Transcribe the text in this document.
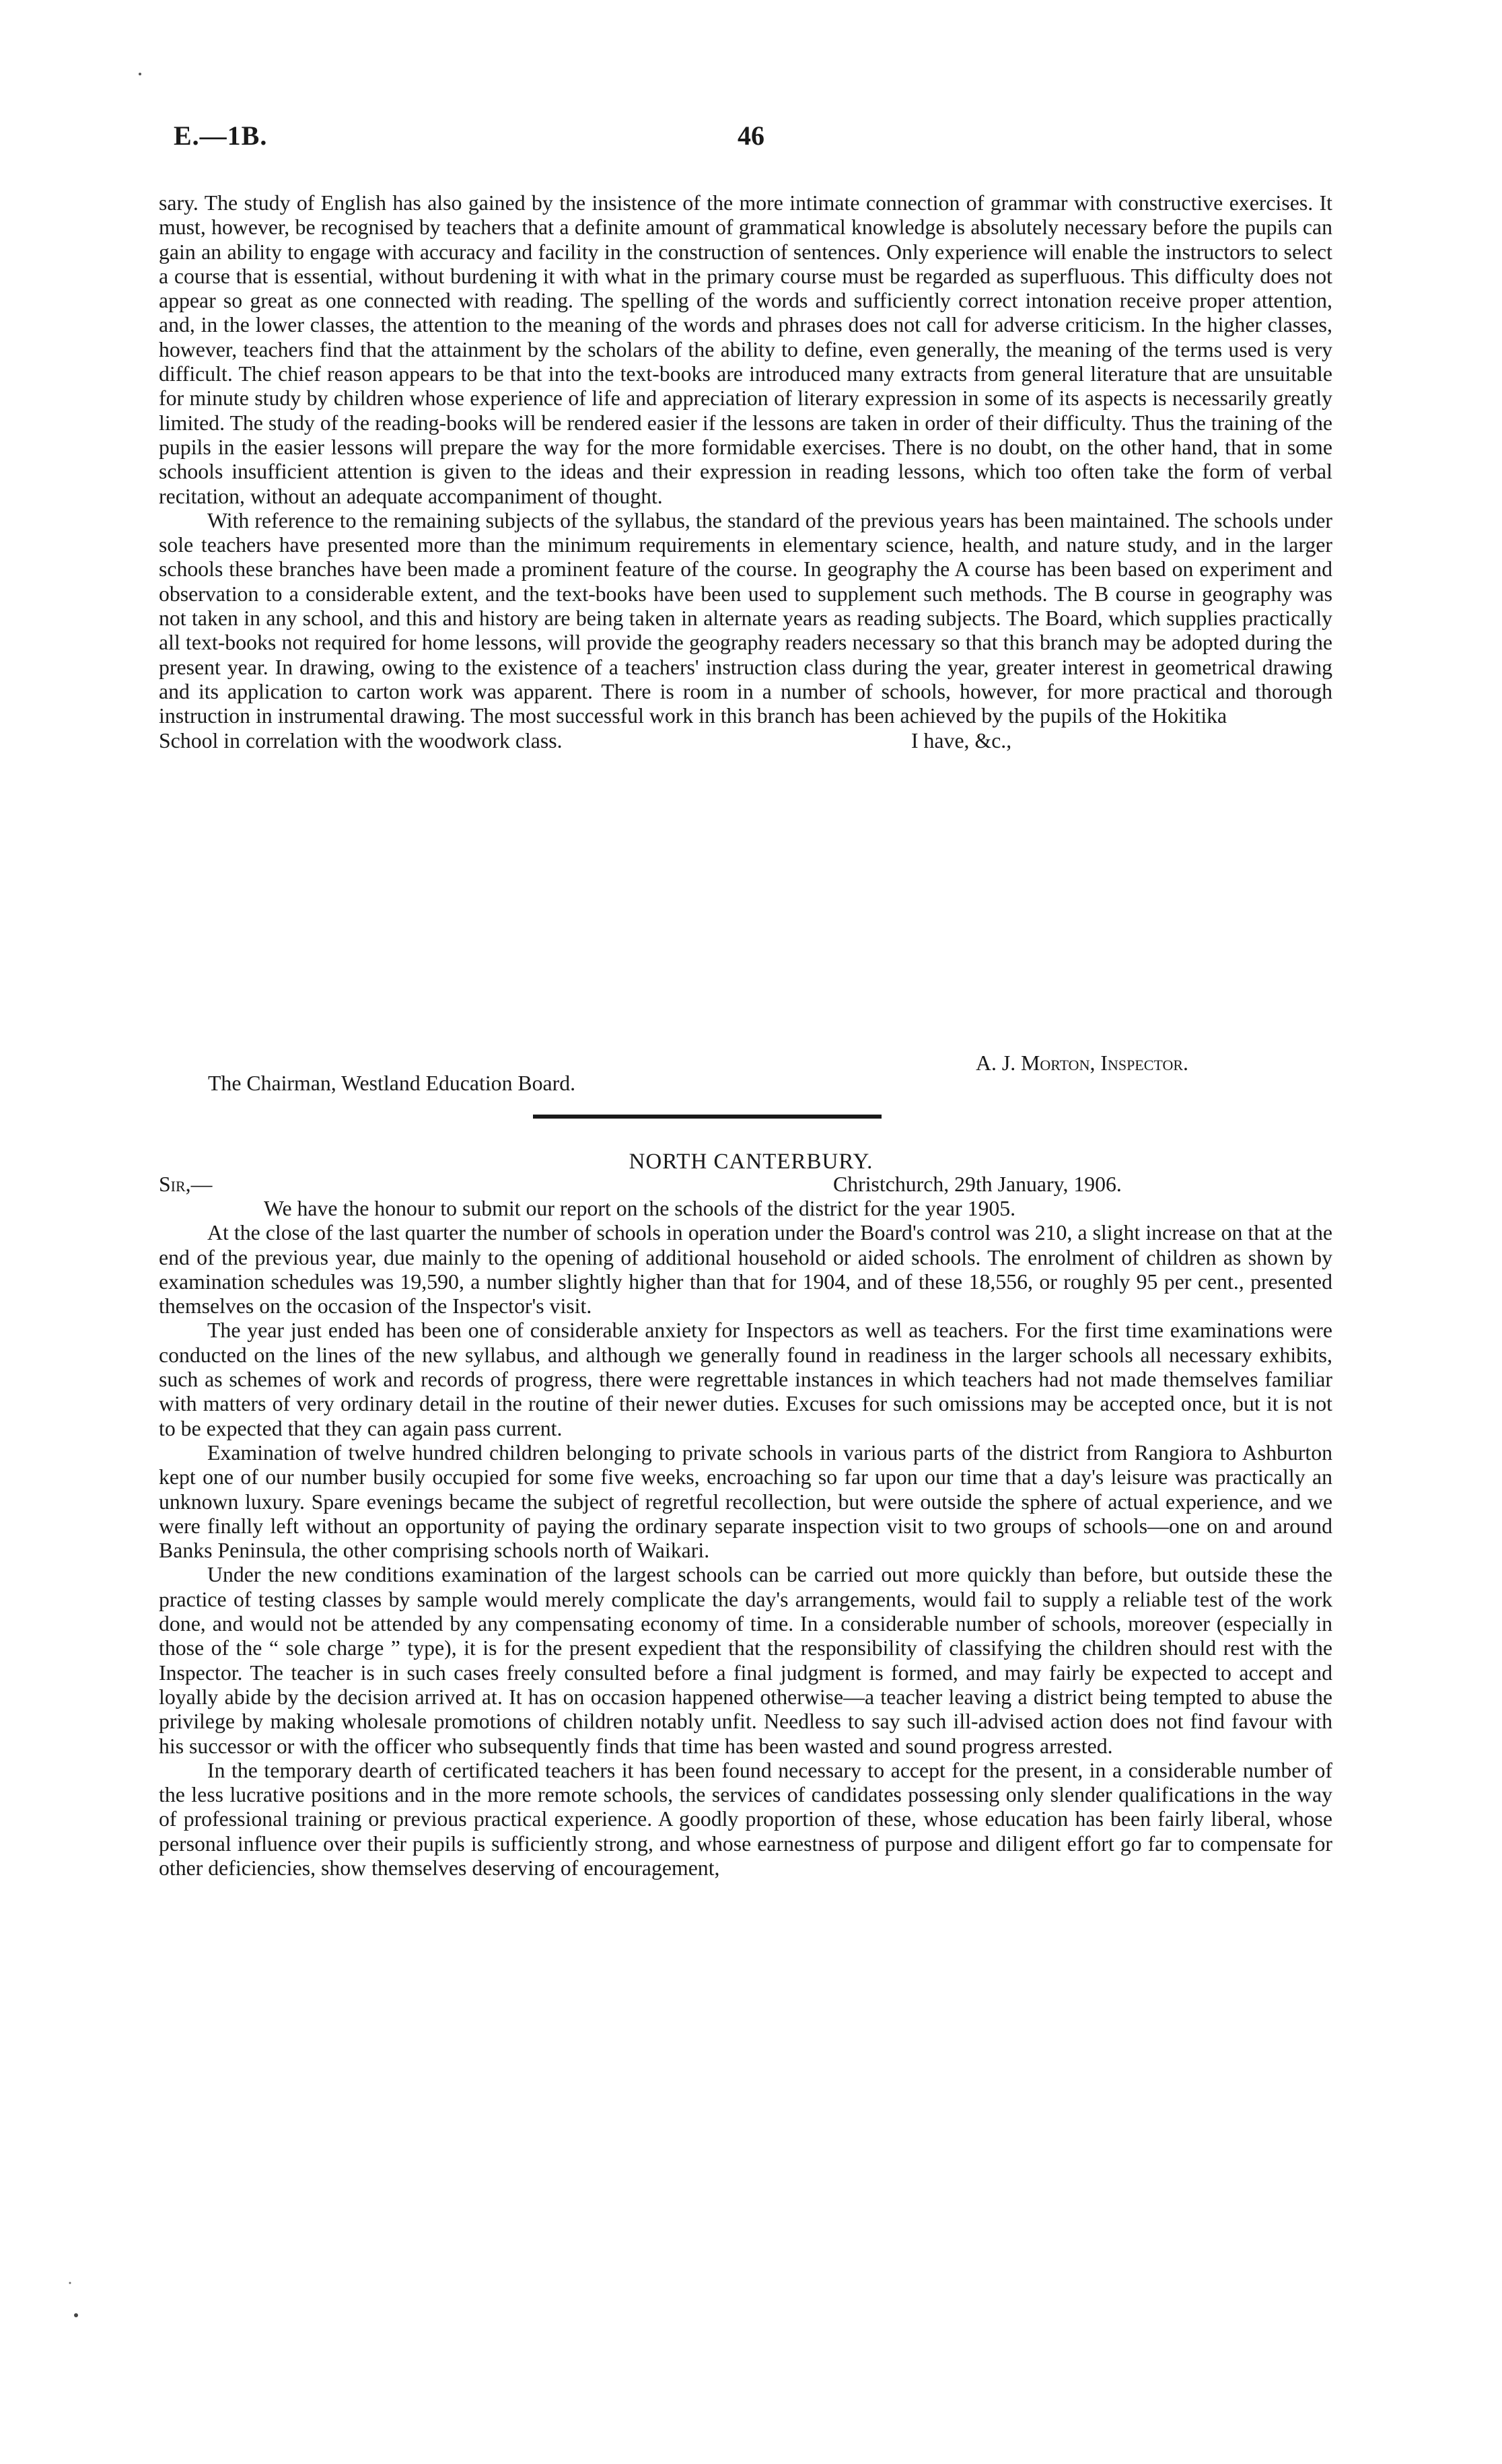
E.—1B.	46

sary. The study of English has also gained by the insistence of the more intimate connection of grammar with constructive exercises. It must, however, be recognised by teachers that a definite amount of grammatical knowledge is absolutely necessary before the pupils can gain an ability to engage with accuracy and facility in the construction of sentences. Only experience will enable the instructors to select a course that is essential, without burdening it with what in the primary course must be regarded as superfluous. This difficulty does not appear so great as one connected with reading. The spelling of the words and sufficiently correct intonation receive proper attention, and, in the lower classes, the attention to the meaning of the words and phrases does not call for adverse criticism. In the higher classes, however, teachers find that the attainment by the scholars of the ability to define, even generally, the meaning of the terms used is very difficult. The chief reason appears to be that into the text-books are introduced many extracts from general literature that are unsuitable for minute study by children whose experience of life and appreciation of literary expression in some of its aspects is necessarily greatly limited. The study of the reading-books will be rendered easier if the lessons are taken in order of their difficulty. Thus the training of the pupils in the easier lessons will prepare the way for the more formidable exercises. There is no doubt, on the other hand, that in some schools insufficient attention is given to the ideas and their expression in reading lessons, which too often take the form of verbal recitation, without an adequate accompaniment of thought.

With reference to the remaining subjects of the syllabus, the standard of the previous years has been maintained. The schools under sole teachers have presented more than the minimum requirements in elementary science, health, and nature study, and in the larger schools these branches have been made a prominent feature of the course. In geography the A course has been based on experiment and observation to a considerable extent, and the text-books have been used to supplement such methods. The B course in geography was not taken in any school, and this and history are being taken in alternate years as reading subjects. The Board, which supplies practically all text-books not required for home lessons, will provide the geography readers necessary so that this branch may be adopted during the present year. In drawing, owing to the existence of a teachers' instruction class during the year, greater interest in geometrical drawing and its application to carton work was apparent. There is room in a number of schools, however, for more practical and thorough instruction in instrumental drawing. The most successful work in this branch has been achieved by the pupils of the Hokitika

School in correlation with the woodwork class.	I have, &c.,
A. J. Morton, Inspector.
The Chairman, Westland Education Board.
NORTH CANTERBURY.
Sir,—	Christchurch, 29th January, 1906.

We have the honour to submit our report on the schools of the district for the year 1905.

At the close of the last quarter the number of schools in operation under the Board's control was 210, a slight increase on that at the end of the previous year, due mainly to the opening of additional household or aided schools. The enrolment of children as shown by examination schedules was 19,590, a number slightly higher than that for 1904, and of these 18,556, or roughly 95 per cent., presented themselves on the occasion of the Inspector's visit.

The year just ended has been one of considerable anxiety for Inspectors as well as teachers. For the first time examinations were conducted on the lines of the new syllabus, and although we generally found in readiness in the larger schools all necessary exhibits, such as schemes of work and records of progress, there were regrettable instances in which teachers had not made themselves familiar with matters of very ordinary detail in the routine of their newer duties. Excuses for such omissions may be accepted once, but it is not to be expected that they can again pass current.

Examination of twelve hundred children belonging to private schools in various parts of the district from Rangiora to Ashburton kept one of our number busily occupied for some five weeks, encroaching so far upon our time that a day's leisure was practically an unknown luxury. Spare evenings became the subject of regretful recollection, but were outside the sphere of actual experience, and we were finally left without an opportunity of paying the ordinary separate inspection visit to two groups of schools—one on and around Banks Peninsula, the other comprising schools north of Waikari.

Under the new conditions examination of the largest schools can be carried out more quickly than before, but outside these the practice of testing classes by sample would merely complicate the day's arrangements, would fail to supply a reliable test of the work done, and would not be attended by any compensating economy of time. In a considerable number of schools, moreover (especially in those of the “ sole charge ” type), it is for the present expedient that the responsibility of classifying the children should rest with the Inspector. The teacher is in such cases freely consulted before a final judgment is formed, and may fairly be expected to accept and loyally abide by the decision arrived at. It has on occasion happened otherwise—a teacher leaving a district being tempted to abuse the privilege by making wholesale promotions of children notably unfit. Needless to say such ill-advised action does not find favour with his successor or with the officer who subsequently finds that time has been wasted and sound progress arrested.

In the temporary dearth of certificated teachers it has been found necessary to accept for the present, in a considerable number of the less lucrative positions and in the more remote schools, the services of candidates possessing only slender qualifications in the way of professional training or previous practical experience. A goodly proportion of these, whose education has been fairly liberal, whose personal influence over their pupils is sufficiently strong, and whose earnestness of purpose and diligent effort go far to compensate for other deficiencies, show themselves deserving of encouragement,
